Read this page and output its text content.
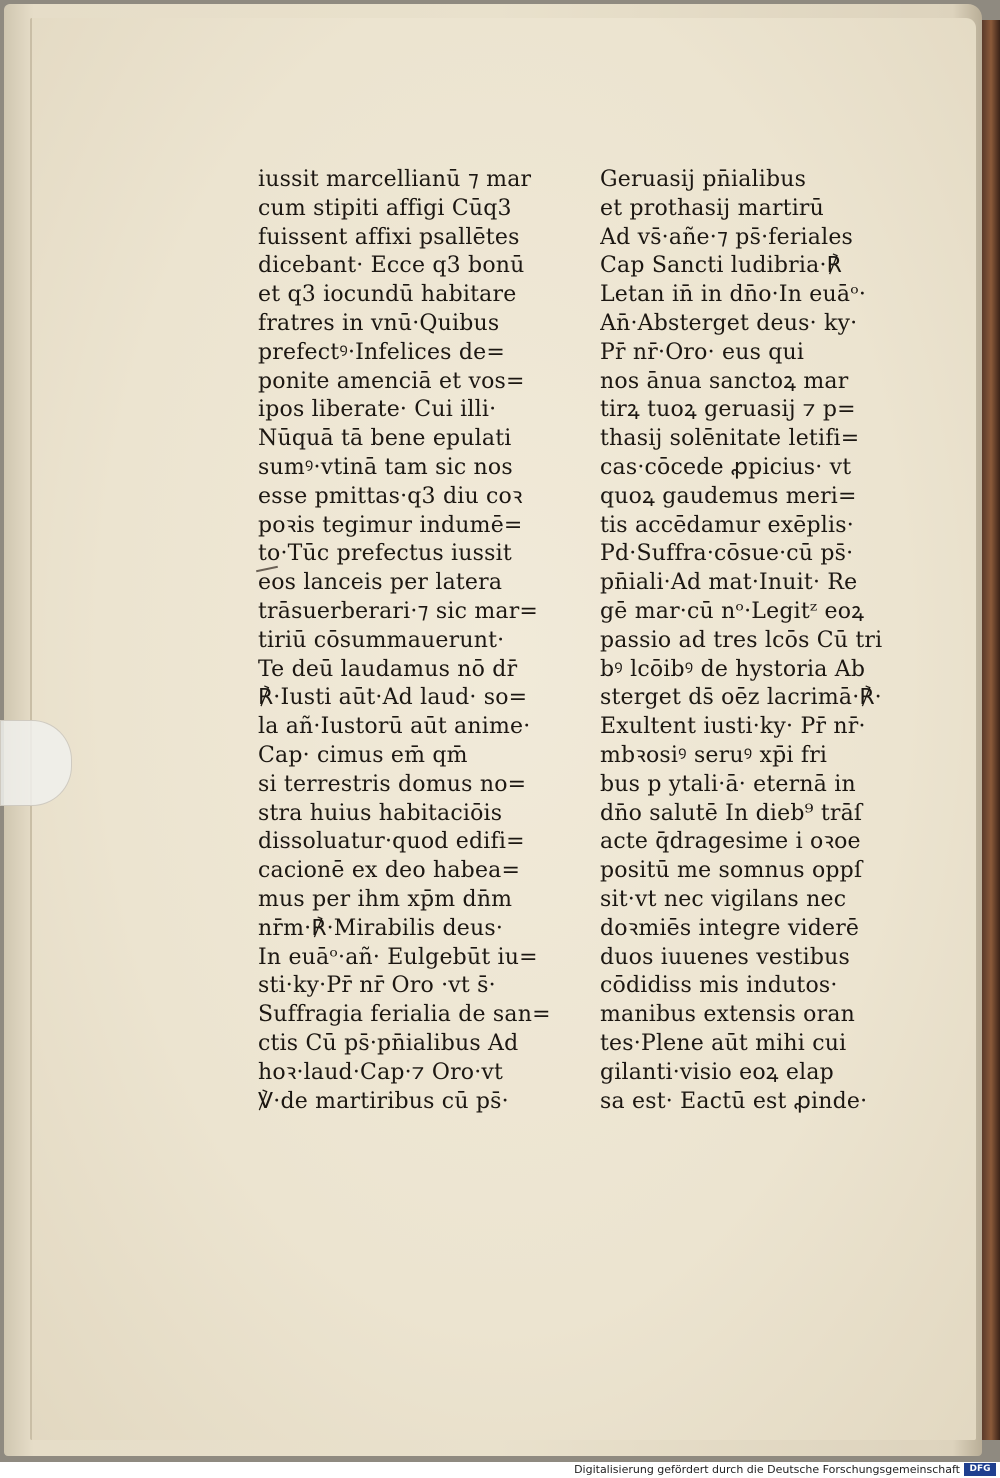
iussit marcellianū ⁊ mar
cum stipiti affigi Cūq3
fuissent affixi psallētes
dicebant· Ecce q3 bonū
et q3 iocundū habitare
fratres in vnū·Quibus
prefectꝰ·Infelices de=
ponite amenciā et vos=
ipos liberate· Cui illi·
Nūquā tā bene epulati
sumꝰ·vtinā tam sic nos
esse pmittas·q3 diu coꝛ
poꝛis tegimur indumē=
to·Tūc prefectus iussit
eos lanceis per latera
trāsuerberari·⁊ sic mar=
tiriū cōsummauerunt·
Te deū laudamus nō dr̄
℟·Iusti aūt·Ad laud· so=
la añ·Iustorū aūt anime·
Cap· cimus em̄ qm̄
si terrestris domus no=
stra huius habitaciōis
dissoluatur·quod edifi=
cacionē ex deo habea=
mus per ih̄m xp̄m dn̄m
nr̄m·℟·Mirabilis deus·
In euāᵒ·añ· Eulgebūt iu=
sti·ky·Pr̄ nr̄ Oro ·vt s̄·
Suffragia ferialia de san=
ctis Cū ps̄·pn̄ialibus Ad
hoꝛ·laud·Cap·⁊ Oro·vt̄
℣·de martiribus cū ps̄·
Geruasij pn̄ialibus
et prothasij martirū
Ad vs̄·añe·⁊ ps̄·feriales
Cap Sancti ludibria·℟
Letan in̄ in dn̄o·In euāᵒ·
An̄·Absterget deus· ky·
Pr̄ nr̄·Oro· eus qui
nos ānua sanctoꝝ mar
tirꝝ tuoꝝ geruasij ⁊ p=
thasij solēnitate letifi=
cas·cōcede ꝓpicius· vt
quoꝝ gaudemus meri=
tis accēdamur exēplis·
Pd·Suffra·cōsue·cū ps̄·
pn̄iali·Ad mat·Inuit· Re
gē mar·cū nᵒ·Legitᶻ eoꝝ
passio ad tres lcōs Cū tri
bꝰ lcōibꝰ de hystoria Ab
sterget ds̄ oēz lacrimā·℟·
Exultent iusti·ky· Pr̄ nr̄·
mbꝛosiꝰ seruꝰ xp̄i fri
bus p ytali·ā· eternā in
dn̄o salutē In dieb⁹ trāſ
acte q̄dragesime i oꝛoe
positū me somnus oppſ
sit·vt nec vigilans nec
doꝛmiēs integre viderē
duos iuuenes vestibus
cōdidiss mis indutos·
manibus extensis oran
tes·Plene aūt mihi cui
gilanti·visio eoꝝ elap
sa est· Eactū est ꝓinde·
Digitalisierung gefördert durch die Deutsche Forschungsgemeinschaft	DFG
